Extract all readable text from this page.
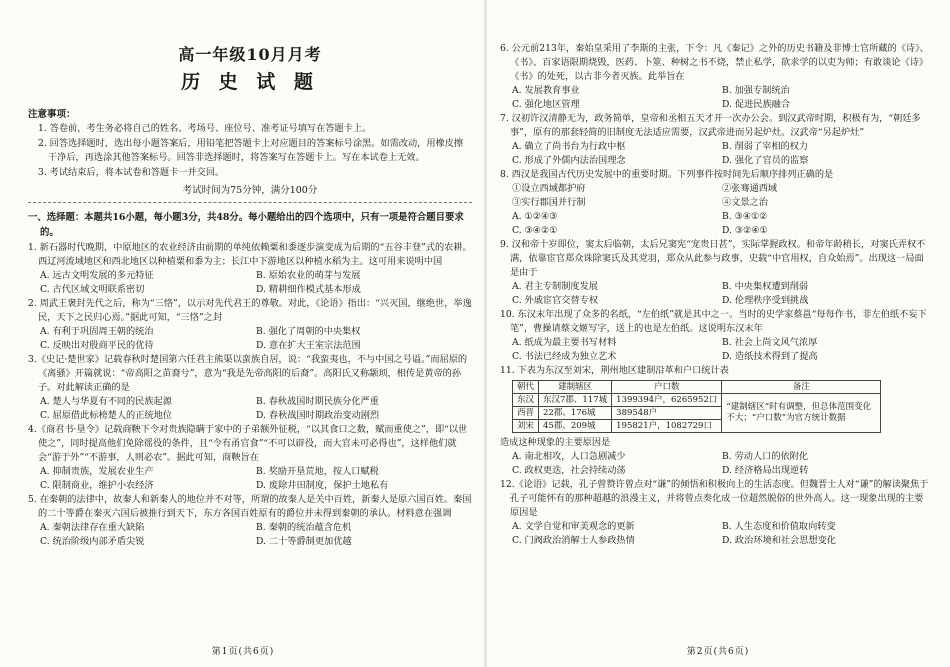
高一年级10月月考
历 史 试 题
注意事项：

1. 答卷前，考生务必将自己的姓名、考场号、座位号、准考证号填写在答题卡上。

2. 回答选择题时，选出每小题答案后，用铅笔把答题卡上对应题目的答案标号涂黑。如需改动，用橡皮擦干净后，再选涂其他答案标号。回答非选择题时，将答案写在答题卡上。写在本试卷上无效。

3. 考试结束后，将本试卷和答题卡一并交回。

考试时间为75分钟，满分100分
一、选择题：本题共16小题，每小题3分，共48分。每小题给出的四个选项中，只有一项是符合题目要求的。

1. 新石器时代晚期，中原地区的农业经济由前期的单纯依赖粟和黍逐步演变成为后期的“五谷丰登”式的农耕。西辽河流域地区和西北地区以种植粟和黍为主；长江中下游地区以种植水稻为主。这可用来说明中国

A. 远古文明发展的多元特征	B. 原始农业的萌芽与发展
C. 古代区域文明联系密切	D. 精耕细作模式基本形成

2. 周武王褒封先代之后，称为“三恪”，以示对先代君王的尊敬。对此，《论语》指出：“兴灭国，继绝世，举逸民，天下之民归心焉。”据此可知，“三恪”之封

A. 有利于巩固周王朝的统治	B. 强化了周朝的中央集权
C. 反映出对殷商平民的优待	D. 意在扩大王室宗法范围

3.《史记·楚世家》记载春秋时楚国第六任君主熊渠以蛮族自居，说：“我蛮夷也，不与中国之号谥。”而屈原的《离骚》开篇就说：“帝高阳之苗裔兮”，意为“我是先帝高阳的后裔”。高阳氏又称颛顼，相传是黄帝的孙子。对此解读正确的是

A. 楚人与华夏有不同的民族起源	B. 春秋战国时期民族分化严重
C. 屈原借此标榜楚人的正统地位	D. 春秋战国时期政治变动剧烈

4.《商君书·垦令》记载商鞅下令对贵族隐瞒于家中的子弟额外征税，“以其食口之数，赋而重使之”，即“以世使之”，同时提高他们免除徭役的条件，且“令有甬官食”“不可以辟役，而大官未可必得也”，这样他们就会“游于外”“不游事，人则必农”。据此可知，商鞅旨在

A. 抑制贵族，发展农业生产	B. 奖励开垦荒地，按人口赋税
C. 限制商业，维护小农经济	D. 废除井田制度，保护土地私有

5. 在秦朝的法律中，故秦人和新秦人的地位并不对等，所谓的故秦人是关中百姓，新秦人是原六国百姓。秦国的二十等爵在秦灭六国后被推行到天下，东方各国百姓原有的爵位并未得到秦朝的承认。材料意在强调

A. 秦朝法律存在重大缺陷	B. 秦朝的统治蕴含危机
C. 统治阶级内部矛盾尖锐	D. 二十等爵制更加优越
第1页(共6页)

6. 公元前213年，秦始皇采用了李斯的主张，下令：凡《秦记》之外的历史书籍及非博士官所藏的《诗》、《书》、百家语限期烧毁，医药、卜筮、种树之书不烧，禁止私学，欲求学的以吏为师；有敢谈论《诗》《书》的处死，以古非今者灭族。此举旨在

A. 发展教育事业	B. 加强专制统治
C. 强化地区管理	D. 促进民族融合

7. 汉初许汉清静无为，政务简单，皇帝和丞相五天才开一次办公会。到汉武帝时期，积极有为，“朝廷多事”，原有的那套轻简的旧制度无法适应需要，汉武帝进而另起炉灶。汉武帝“另起炉灶”

A. 确立了尚书台为行政中枢	B. 削弱了宰相的权力
C. 形成了外儒内法治国理念	D. 强化了官员的监察

8. 西汉是我国古代历史发展中的重要时期。下列事件按时间先后顺序排列正确的是

①设立西域都护府	②张骞通西域
③实行郡国并行制	④文景之治
A. ①②④③	B. ③④①②
C. ③④②①	D. ③②④①

9. 汉和帝十岁即位，窦太后临朝，太后兄窦宪“宠贵日甚”，实际掌握政权。和帝年龄稍长，对窦氏弄权不满，依靠宦官郑众诛除窦氏及其党羽，郑众从此参与政事，史载“中官用权，自众始焉”。出现这一局面是由于

A. 君主专制制度发展	B. 中央集权遭到削弱
C. 外戚宦官交替专权	D. 伦理秩序受到挑战

10. 东汉末年出现了众多的名纸，“左伯纸”就是其中之一。当时的史学家蔡邕“每每作书，非左伯纸不妄下笔”，曹操请蔡文姬写字，送上的也是左伯纸。这说明东汉末年

A. 纸成为最主要书写材料	B. 社会上尚文风气浓厚
C. 书法已经成为独立艺术	D. 造纸技术得到了提高

11. 下表为东汉至刘宋，荆州地区建制沿革和户口统计表

朝代	建制辖区	户口数	备注
东汉	东汉7郡、117城	1399394户，6265952口	“建制辖区”时有调整，但总体范围变化不大；“户口数”为官方统计数据
西晋	22郡、176城	389548户	
刘宋	45郡、209城	195821户，1082729口	

造成这种现象的主要原因是

A. 南北相攻，人口急剧减少	B. 劳动人口的依附化
C. 政权更迭，社会持续动荡	D. 经济格局出现逆转

12.《论语》记载，孔子曾赞许曾点对“谦”的倾悟和积极向上的生活态度。但魏晋士人对“谦”的解读聚焦于孔子可能怀有的那种超越的浪漫主义，并将曾点奏化成一位超然脱俗的世外高人。这一现象出现的主要原因是

A. 文学自觉和审美观念的更新	B. 人生态度和价值取向转变
C. 门阀政治消解士人参政热情	D. 政治环境和社会思想变化
第2页(共6页)
